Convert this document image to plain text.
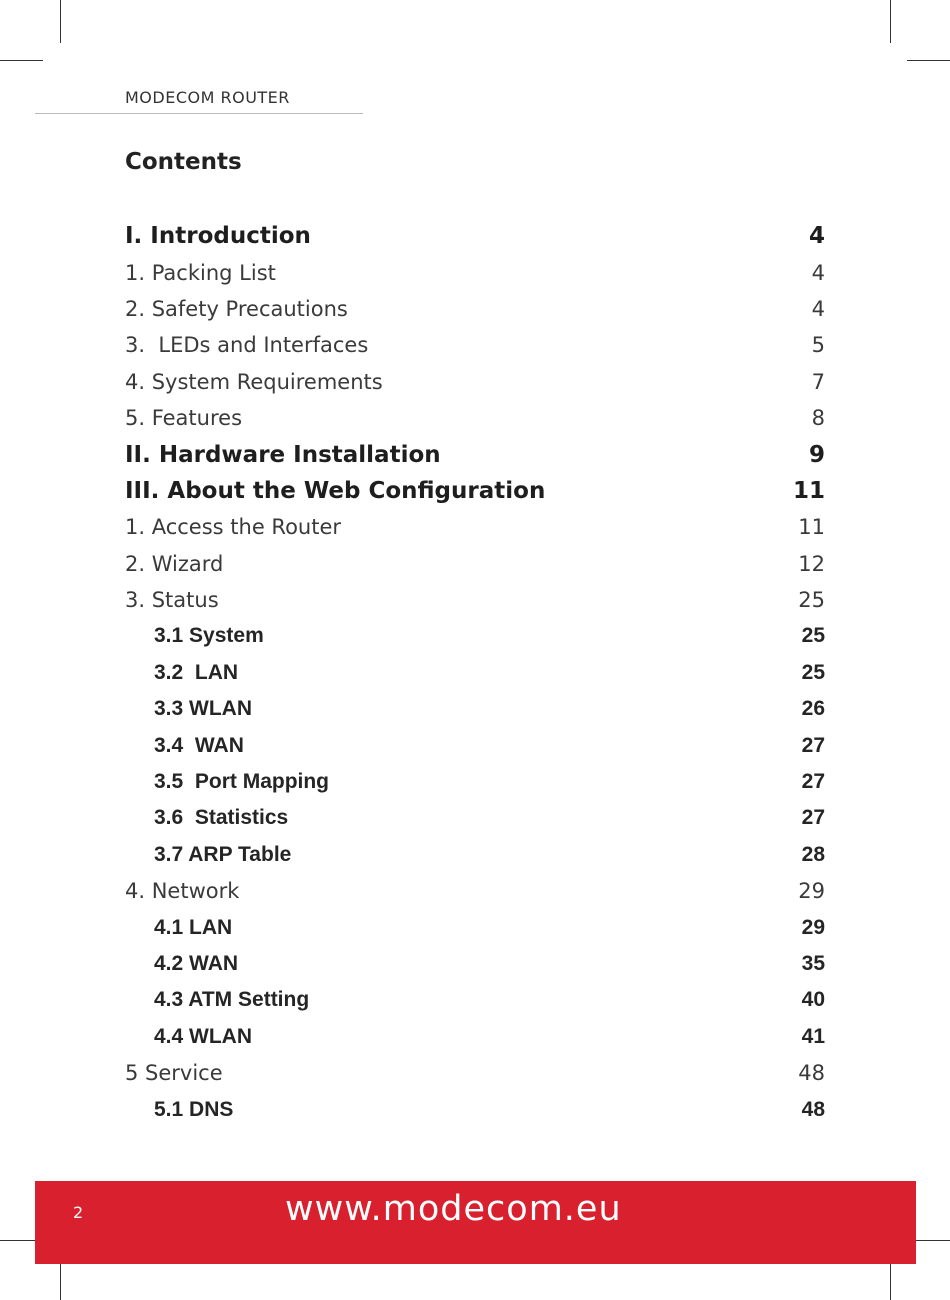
MODECOM ROUTER
Contents
I. Introduction	4
1. Packing List	4
2. Safety Precautions	4
3.  LEDs and Interfaces	5
4. System Requirements	7
5. Features	8
II. Hardware Installation	9
III. About the Web Configuration	11
1. Access the Router	11
2. Wizard	12
3. Status	25
3.1 System	25
3.2  LAN	25
3.3 WLAN	26
3.4  WAN	27
3.5  Port Mapping	27
3.6  Statistics	27
3.7 ARP Table	28
4. Network	29
4.1 LAN	29
4.2 WAN	35
4.3 ATM Setting	40
4.4 WLAN	41
5 Service	48
5.1 DNS	48
2	www.modecom.eu
